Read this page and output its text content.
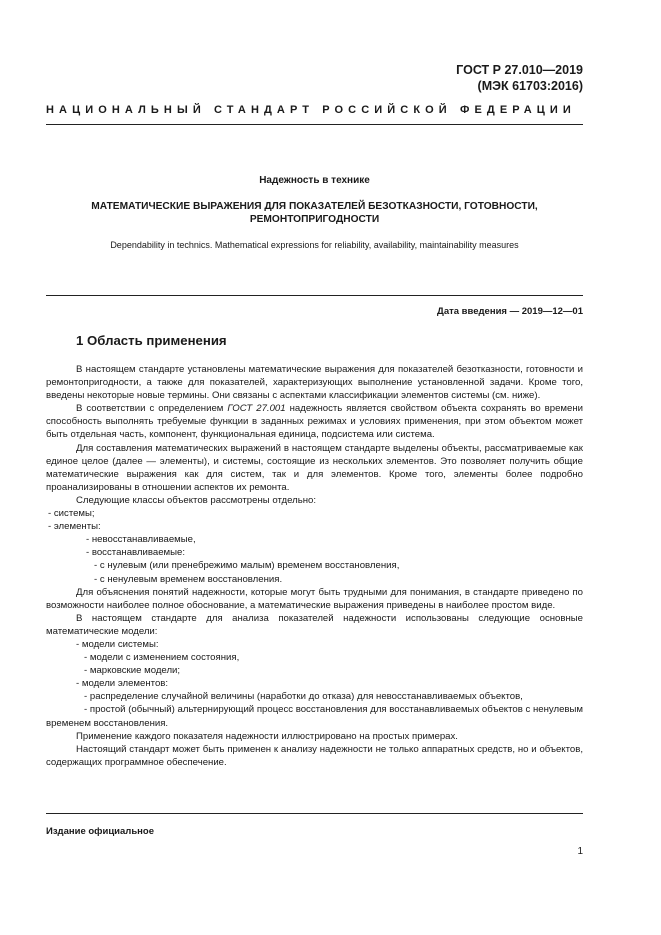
ГОСТ Р 27.010—2019
(МЭК 61703:2016)
НАЦИОНАЛЬНЫЙ СТАНДАРТ РОССИЙСКОЙ ФЕДЕРАЦИИ
Надежность в технике
МАТЕМАТИЧЕСКИЕ ВЫРАЖЕНИЯ ДЛЯ ПОКАЗАТЕЛЕЙ БЕЗОТКАЗНОСТИ, ГОТОВНОСТИ,
РЕМОНТОПРИГОДНОСТИ
Dependability in technics. Mathematical expressions for reliability, availability, maintainability measures
Дата введения — 2019—12—01
1 Область применения

В настоящем стандарте установлены математические выражения для показателей безотказности, готовности и ремонтопригодности, а также для показателей, характеризующих выполнение установленной задачи. Кроме того, введены некоторые новые термины. Они связаны с аспектами классификации элементов системы (см. ниже).

В соответствии с определением ГОСТ 27.001 надежность является свойством объекта сохранять во времени способность выполнять требуемые функции в заданных режимах и условиях применения, при этом объектом может быть отдельная часть, компонент, функциональная единица, подсистема или система.

Для составления математических выражений в настоящем стандарте выделены объекты, рассматриваемые как единое целое (далее — элементы), и системы, состоящие из нескольких элементов. Это позволяет получить общие математические выражения как для систем, так и для элементов. Кроме того, элементы более подробно проанализированы в отношении аспектов их ремонта.

Следующие классы объектов рассмотрены отдельно:

- системы;

- элементы:

- невосстанавливаемые,

- восстанавливаемые:

- с нулевым (или пренебрежимо малым) временем восстановления,

- с ненулевым временем восстановления.

Для объяснения понятий надежности, которые могут быть трудными для понимания, в стандарте приведено по возможности наиболее полное обоснование, а математические выражения приведены в наиболее простом виде.

В настоящем стандарте для анализа показателей надежности использованы следующие основные математические модели:

- модели системы:

- модели с изменением состояния,

- марковские модели;

- модели элементов:

- распределение случайной величины (наработки до отказа) для невосстанавливаемых объектов,

- простой (обычный) альтернирующий процесс восстановления для восстанавливаемых объектов с ненулевым временем восстановления.

Применение каждого показателя надежности иллюстрировано на простых примерах.

Настоящий стандарт может быть применен к анализу надежности не только аппаратных средств, но и объектов, содержащих программное обеспечение.

Издание официальное
1
